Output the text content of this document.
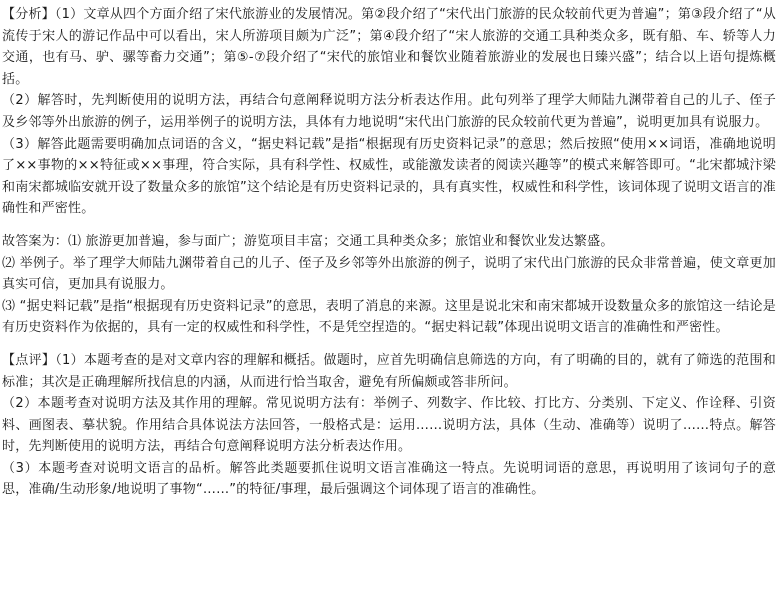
【分析】（1）文章从四个方面介绍了宋代旅游业的发展情况。第②段介绍了“宋代出门旅游的民众较前代更为普遍”；第③段介绍了“从流传于宋人的游记作品中可以看出，宋人所游项目颇为广泛”；第④段介绍了“宋人旅游的交通工具种类众多，既有船、车、轿等人力交通，也有马、驴、骡等畜力交通”；第⑤-⑦段介绍了“宋代的旅馆业和餐饮业随着旅游业的发展也日臻兴盛”；结合以上语句提炼概括。

（2）解答时，先判断使用的说明方法，再结合句意阐释说明方法分析表达作用。此句列举了理学大师陆九渊带着自己的儿子、侄子及乡邻等外出旅游的例子，运用举例子的说明方法，具体有力地说明“宋代出门旅游的民众较前代更为普遍”，说明更加具有说服力。

（3）解答此题需要明确加点词语的含义，“据史料记载”是指“根据现有历史资料记录”的意思；然后按照“使用××词语，准确地说明了××事物的××特征或××事理，符合实际，具有科学性、权威性，或能激发读者的阅读兴趣等”的模式来解答即可。“北宋都城汴梁和南宋都城临安就开设了数量众多的旅馆”这个结论是有历史资料记录的，具有真实性，权威性和科学性，该词体现了说明文语言的准确性和严密性。

故答案为：⑴ 旅游更加普遍，参与面广；游览项目丰富；交通工具种类众多；旅馆业和餐饮业发达繁盛。

⑵ 举例子。举了理学大师陆九渊带着自己的儿子、侄子及乡邻等外出旅游的例子，说明了宋代出门旅游的民众非常普遍，使文章更加真实可信，更加具有说服力。

⑶ “据史料记载”是指“根据现有历史资料记录”的意思，表明了消息的来源。这里是说北宋和南宋都城开设数量众多的旅馆这一结论是有历史资料作为依据的，具有一定的权威性和科学性，不是凭空捏造的。“据史料记载”体现出说明文语言的准确性和严密性。

【点评】（1）本题考查的是对文章内容的理解和概括。做题时，应首先明确信息筛选的方向，有了明确的目的，就有了筛选的范围和标准；其次是正确理解所找信息的内涵，从而进行恰当取舍，避免有所偏颇或答非所问。

（2）本题考查对说明方法及其作用的理解。常见说明方法有：举例子、列数字、作比较、打比方、分类别、下定义、作诠释、引资料、画图表、摹状貌。作用结合具体说法方法回答，一般格式是：运用……说明方法，具体（生动、准确等）说明了……特点。解答时，先判断使用的说明方法，再结合句意阐释说明方法分析表达作用。

（3）本题考查对说明文语言的品析。解答此类题要抓住说明文语言准确这一特点。先说明词语的意思，再说明用了该词句子的意思，准确/生动形象/地说明了事物“……”的特征/事理，最后强调这个词体现了语言的准确性。
